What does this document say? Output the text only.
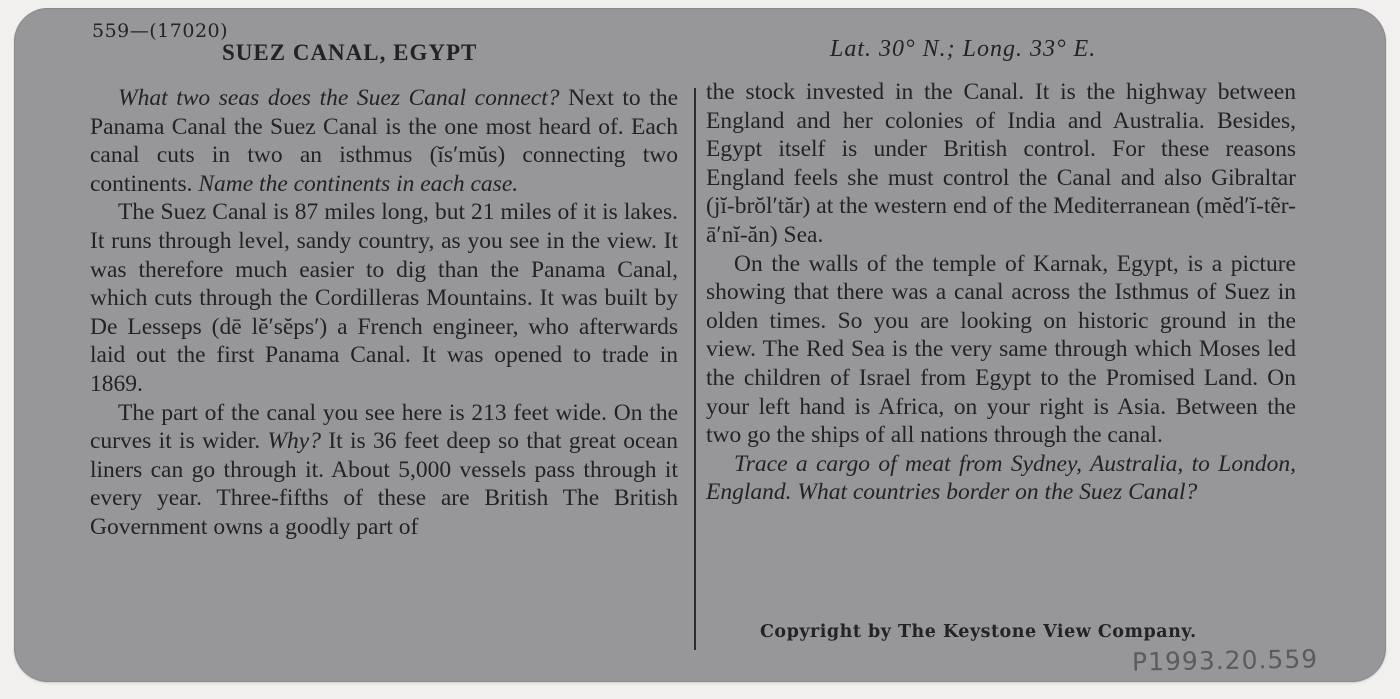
559—(17020)
SUEZ CANAL, EGYPT	Lat. 30° N.; Long. 33° E.

What two seas does the Suez Canal connect? Next to the Panama Canal the Suez Canal is the one most heard of. Each canal cuts in two an isthmus (ĭs′mŭs) connecting two continents. Name the continents in each case.

The Suez Canal is 87 miles long, but 21 miles of it is lakes. It runs through level, sandy country, as you see in the view. It was therefore much easier to dig than the Panama Canal, which cuts through the Cordilleras Mountains. It was built by De Lesseps (dē lĕ′sĕps′) a French engineer, who afterwards laid out the first Panama Canal. It was opened to trade in 1869.

The part of the canal you see here is 213 feet wide. On the curves it is wider. Why? It is 36 feet deep so that great ocean liners can go through it. About 5,000 vessels pass through it every year. Three-fifths of these are British The British Government owns a goodly part of

the stock invested in the Canal. It is the highway between England and her colonies of India and Australia. Besides, Egypt itself is under British control. For these reasons England feels she must control the Canal and also Gibraltar (jĭ-brŏl′tăr) at the western end of the Mediterranean (mĕd′ĭ-tẽr-ā′nĭ-ăn) Sea.

On the walls of the temple of Karnak, Egypt, is a picture showing that there was a canal across the Isthmus of Suez in olden times. So you are looking on historic ground in the view. The Red Sea is the very same through which Moses led the children of Israel from Egypt to the Promised Land. On your left hand is Africa, on your right is Asia. Between the two go the ships of all nations through the canal.

Trace a cargo of meat from Sydney, Australia, to London, England. What countries border on the Suez Canal?

Copyright by The Keystone View Company.
P1993.20.559
